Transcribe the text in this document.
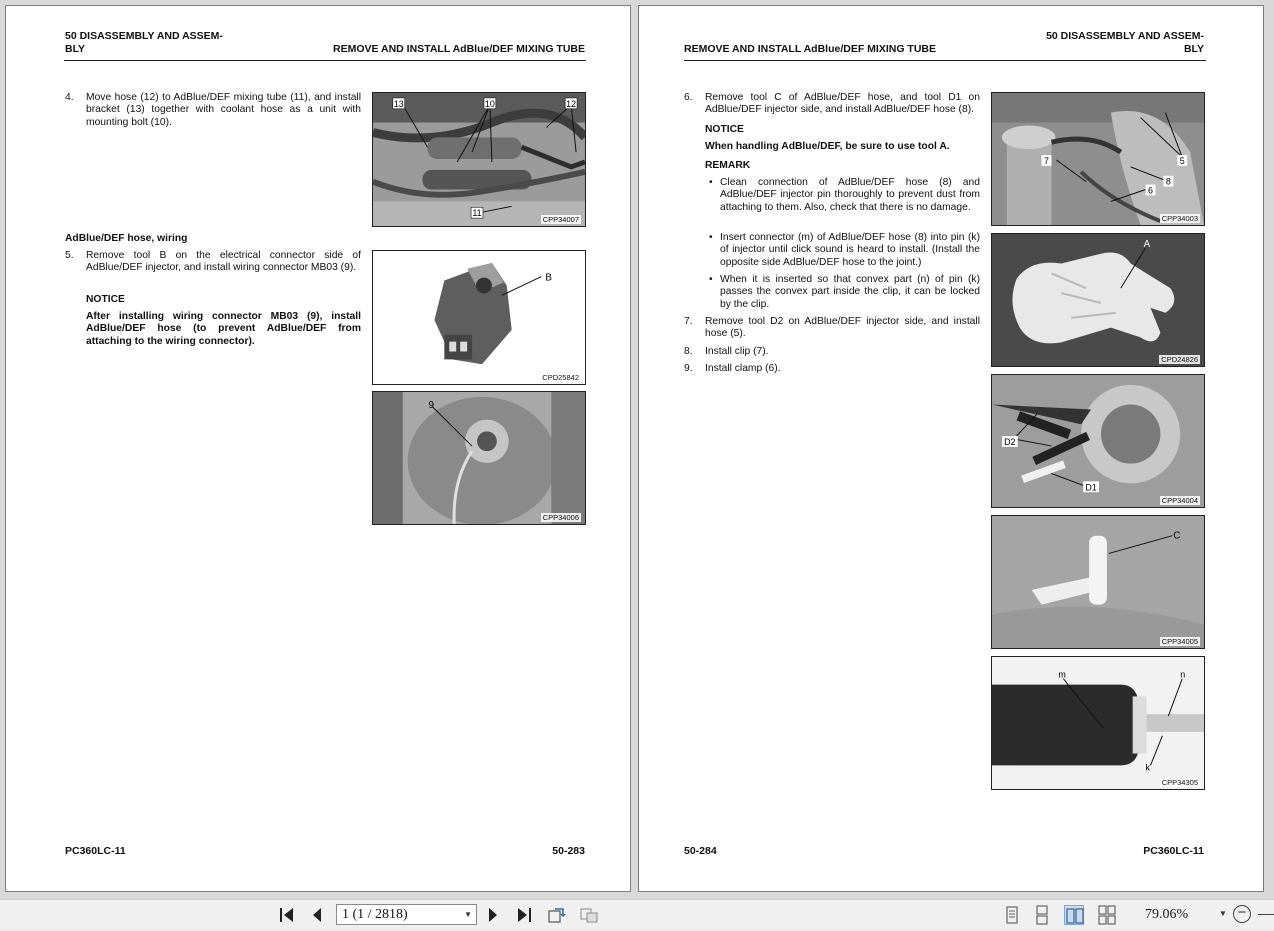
50 DISASSEMBLY AND ASSEM-
BLY	REMOVE AND INSTALL AdBlue/DEF MIXING TUBE
4. Move hose (12) to AdBlue/DEF mixing tube (11), and install bracket (13) together with coolant hose as a unit with mounting bolt (10).
AdBlue/DEF hose, wiring
5. Remove tool B on the electrical connector side of AdBlue/DEF injector, and install wiring connector MB03 (9).
NOTICE
After installing wiring connector MB03 (9), install AdBlue/DEF hose (to prevent AdBlue/DEF from attaching to the wiring connector).
13	10	12
11
CPP34007
B
CPD25842
9
CPP34006
PC360LC-11	50-283
REMOVE AND INSTALL AdBlue/DEF MIXING TUBE
50 DISASSEMBLY AND ASSEM-
BLY
6. Remove tool C of AdBlue/DEF hose, and tool D1 on AdBlue/DEF injector side, and install AdBlue/DEF hose (8).
NOTICE
When handling AdBlue/DEF, be sure to use tool A.
REMARK
• Clean connection of AdBlue/DEF hose (8) and AdBlue/DEF injector pin thoroughly to prevent dust from attaching to them. Also, check that there is no damage.
• Insert connector (m) of AdBlue/DEF hose (8) into pin (k) of injector until click sound is heard to install. (Install the opposite side AdBlue/DEF hose to the joint.)
• When it is inserted so that convex part (n) of pin (k) passes the convex part inside the clip, it can be locked by the clip.
7. Remove tool D2 on AdBlue/DEF injector side, and install hose (5).
8. Install clip (7).
9. Install clamp (6).
5
7
8
6
CPP34003
A
CPD24826
D2
D1
CPP34004
C
CPP34005
m	n
k
CPP34305
50-284	PC360LC-11
1 (1 / 2818)	▼	79.06%	▼ −
